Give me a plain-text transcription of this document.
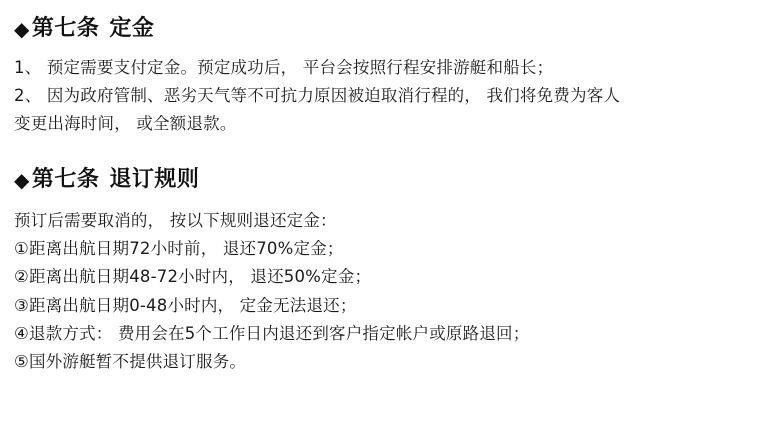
◆ 第七条 定金

1、 预定需要支付定金。预定成功后， 平台会按照行程安排游艇和船长；

2、 因为政府管制、恶劣天气等不可抗力原因被迫取消行程的， 我们将免费为客人

变更出海时间， 或全额退款。

◆ 第七条 退订规则

预订后需要取消的， 按以下规则退还定金：

①距离出航日期72小时前， 退还70%定金；

②距离出航日期48-72小时内， 退还50%定金；

③距离出航日期0-48小时内， 定金无法退还；

④退款方式： 费用会在5个工作日内退还到客户指定帐户或原路退回；

⑤国外游艇暂不提供退订服务。
